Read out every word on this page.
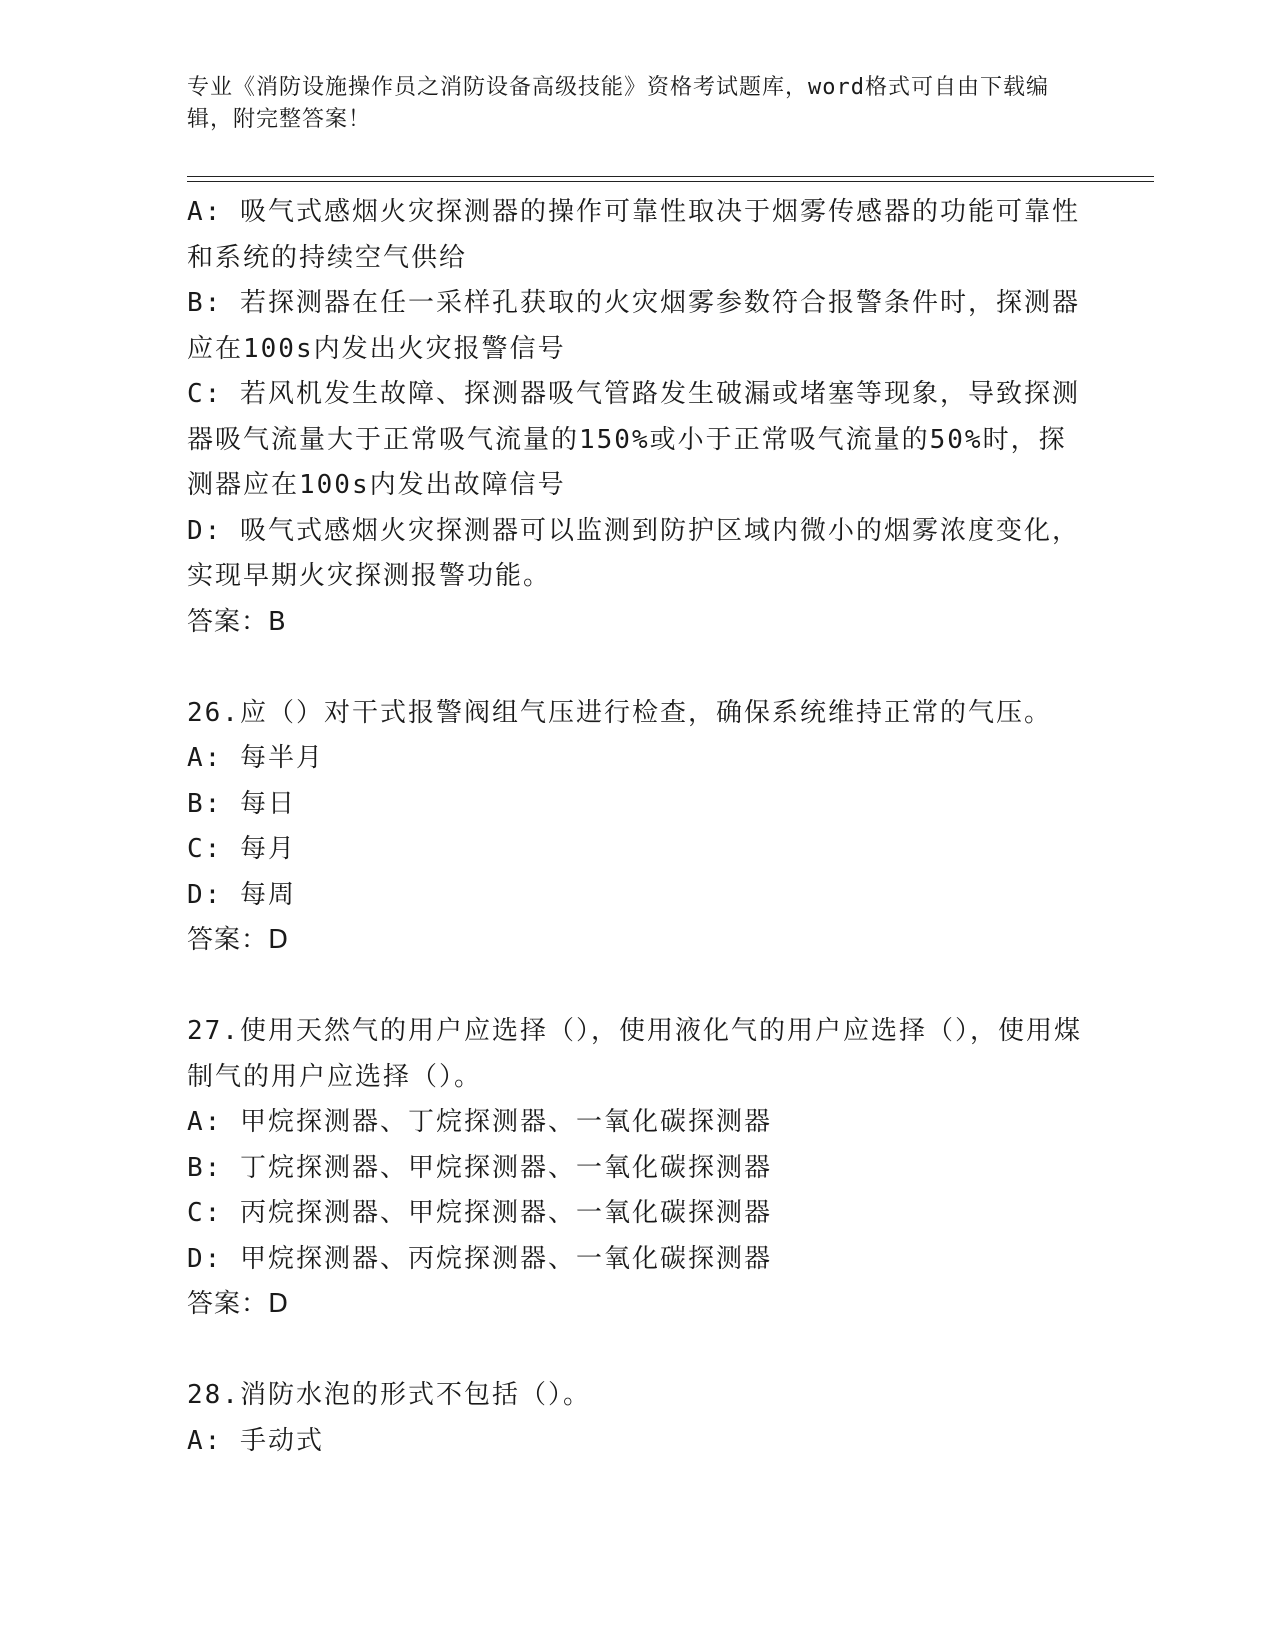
专业《消防设施操作员之消防设备高级技能》资格考试题库，word格式可自由下载编辑，附完整答案！

A: 吸气式感烟火灾探测器的操作可靠性取决于烟雾传感器的功能可靠性和系统的持续空气供给

B: 若探测器在任一采样孔获取的火灾烟雾参数符合报警条件时，探测器应在100s内发出火灾报警信号

C: 若风机发生故障、探测器吸气管路发生破漏或堵塞等现象，导致探测器吸气流量大于正常吸气流量的150%或小于正常吸气流量的50%时，探测器应在100s内发出故障信号

D: 吸气式感烟火灾探测器可以监测到防护区域内微小的烟雾浓度变化，实现早期火灾探测报警功能。

答案：B

26.应（）对干式报警阀组气压进行检查，确保系统维持正常的气压。

A: 每半月

B: 每日

C: 每月

D: 每周

答案：D

27.使用天然气的用户应选择（），使用液化气的用户应选择（），使用煤制气的用户应选择（）。

A: 甲烷探测器、丁烷探测器、一氧化碳探测器

B: 丁烷探测器、甲烷探测器、一氧化碳探测器

C: 丙烷探测器、甲烷探测器、一氧化碳探测器

D: 甲烷探测器、丙烷探测器、一氧化碳探测器

答案：D

28.消防水泡的形式不包括（）。

A: 手动式
